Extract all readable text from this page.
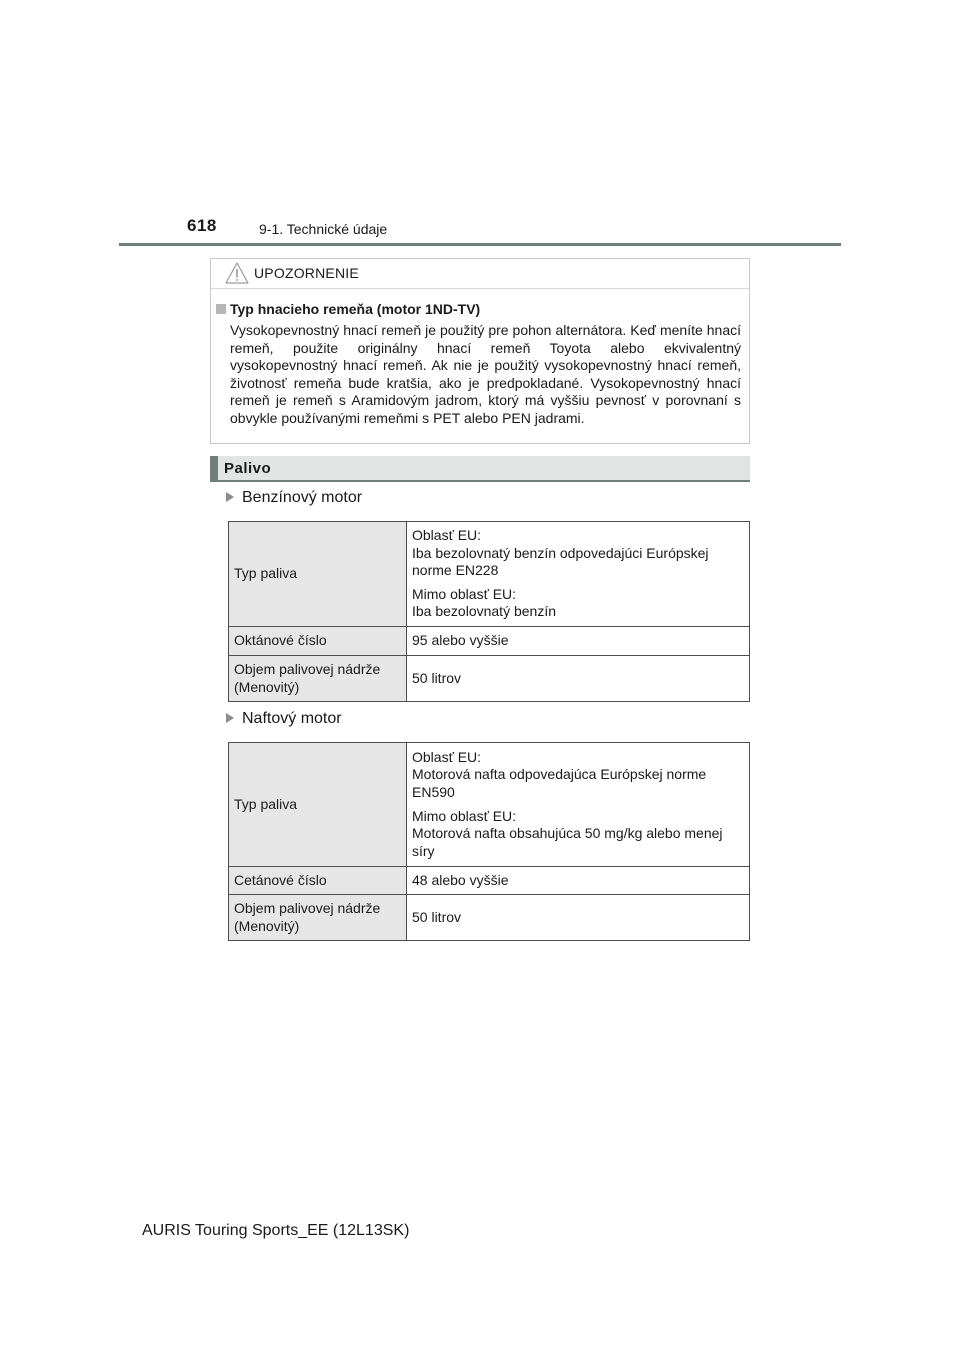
618	9-1. Technické údaje
UPOZORNENIE
Typ hnacieho remeňa (motor 1ND-TV)

Vysokopevnostný hnací remeň je použitý pre pohon alternátora. Keď meníte hnací remeň, použite originálny hnací remeň Toyota alebo ekvivalentný vysokopevnostný hnací remeň. Ak nie je použitý vysokopevnostný hnací remeň, životnosť remeňa bude kratšia, ako je predpokladané. Vysokopevnostný hnací remeň je remeň s Aramidovým jadrom, ktorý má vyššiu pevnosť v porovnaní s obvykle používanými remeňmi s PET alebo PEN jadrami.

Palivo
Benzínový motor
Typ paliva	Oblasť EU:
Iba bezolovnatý benzín odpovedajúci Európskej norme EN228

Mimo oblasť EU:
Iba bezolovnatý benzín

Oktánové číslo	95 alebo vyššie
Objem palivovej nádrže (Menovitý)	50 litrov
Naftový motor
Typ paliva	Oblasť EU:
Motorová nafta odpovedajúca Európskej norme EN590

Mimo oblasť EU:
Motorová nafta obsahujúca 50 mg/kg alebo menej síry

Cetánové číslo	48 alebo vyššie
Objem palivovej nádrže (Menovitý)	50 litrov
AURIS Touring Sports_EE (12L13SK)
